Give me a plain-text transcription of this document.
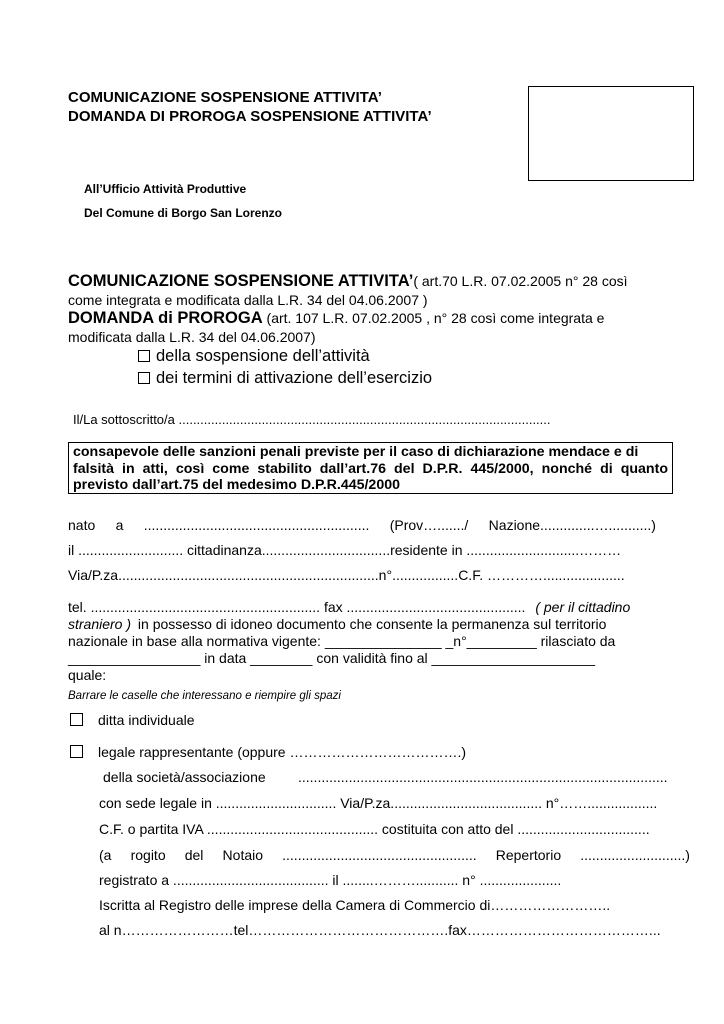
COMUNICAZIONE SOSPENSIONE ATTIVITA’
DOMANDA DI PROROGA SOSPENSIONE ATTIVITA’
All’Ufficio Attività Produttive
Del Comune di Borgo San Lorenzo
COMUNICAZIONE SOSPENSIONE ATTIVITA’( art.70 L.R. 07.02.2005 n° 28 così
come integrata e modificata dalla L.R. 34 del 04.06.2007 )
DOMANDA di PROROGA (art. 107 L.R. 07.02.2005 , n° 28 così come integrata e
modificata dalla L.R. 34 del 04.06.2007)
della sospensione dell’attività
dei termini di attivazione dell’esercizio
Il/La sottoscritto/a .......................................................................................................
consapevole delle sanzioni penali previste per il caso di dichiarazione mendace e di
falsità in atti, così come stabilito dall’art.76 del D.P.R. 445/2000, nonché di quanto
previsto dall’art.75 del medesimo D.P.R.445/2000
nato a .......................................................... (Prov…......./ Nazione..............…...........)
il ........................... cittadinanza.................................residente in .............................………
Via/P.za...................................................................n°.................C.F. ………….....................
tel. ........................................................... fax .............................................. ( per il cittadino
straniero ) in possesso di idoneo documento che consente la permanenza sul territorio
nazionale in base alla normativa vigente: _______________ _n°_________ rilasciato da
_________________ in data ________ con validità fino al _____________________
quale:
Barrare le caselle che interessano e riempire gli spazi
ditta individuale
legale rappresentante (oppure ……………………………….)
della società/associazione ...............................................................................................
con sede legale in ............................... Via/P.za....................................... n°……..................
C.F. o partita IVA ............................................ costituita con atto del ..................................
(a rogito del Notaio .................................................. Repertorio ...........................)
registrato a ........................................ il ........………........... n° .....................
Iscritta al Registro delle imprese della Camera di Commercio di……………………..
al n……………………tel…………………………………….fax…………………………………...
